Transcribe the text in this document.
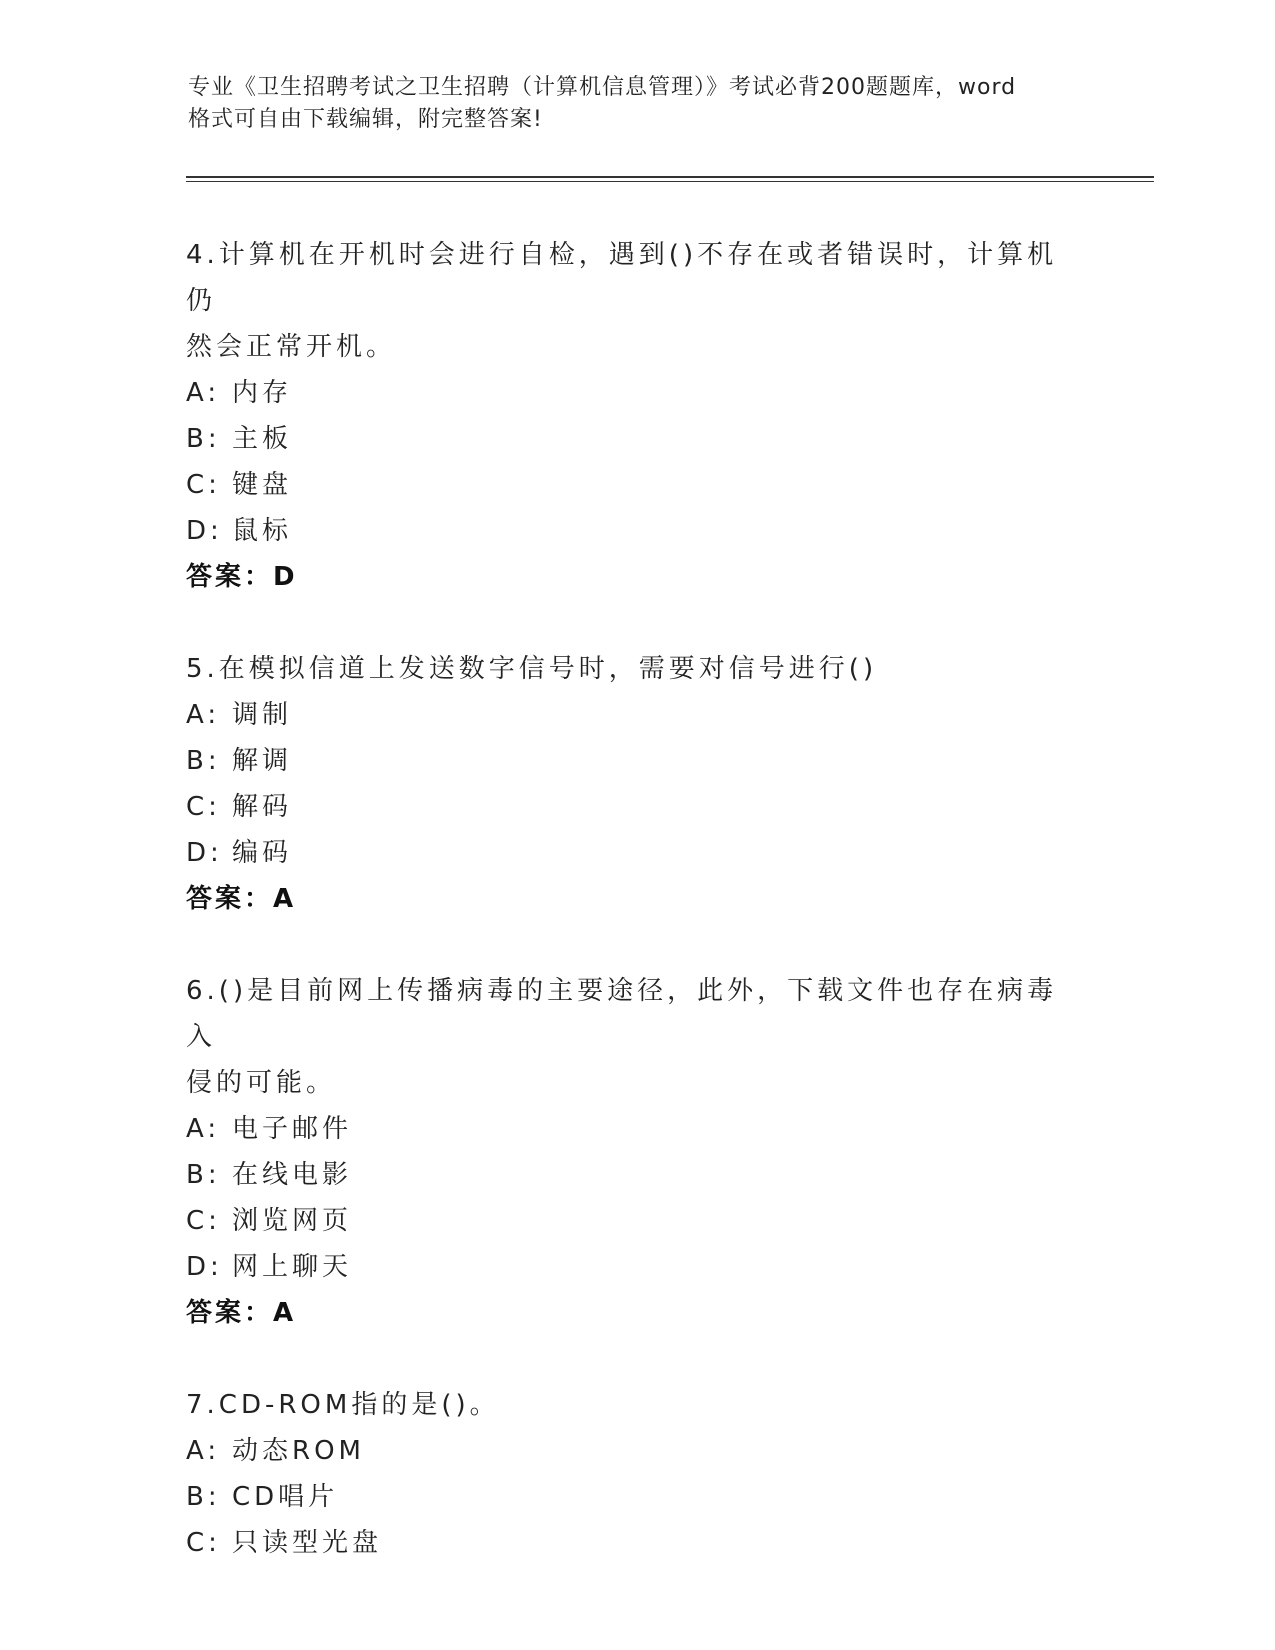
专业《卫生招聘考试之卫生招聘（计算机信息管理）》考试必背200题题库，word
格式可自由下载编辑，附完整答案!
4.计算机在开机时会进行自检，遇到()不存在或者错误时，计算机仍
然会正常开机。
A: 内存
B: 主板
C: 键盘
D: 鼠标
答案：D
5.在模拟信道上发送数字信号时，需要对信号进行()
A: 调制
B: 解调
C: 解码
D: 编码
答案：A
6.()是目前网上传播病毒的主要途径，此外，下载文件也存在病毒入
侵的可能。
A: 电子邮件
B: 在线电影
C: 浏览网页
D: 网上聊天
答案：A
7.CD-ROM指的是()。
A: 动态ROM
B: CD唱片
C: 只读型光盘
